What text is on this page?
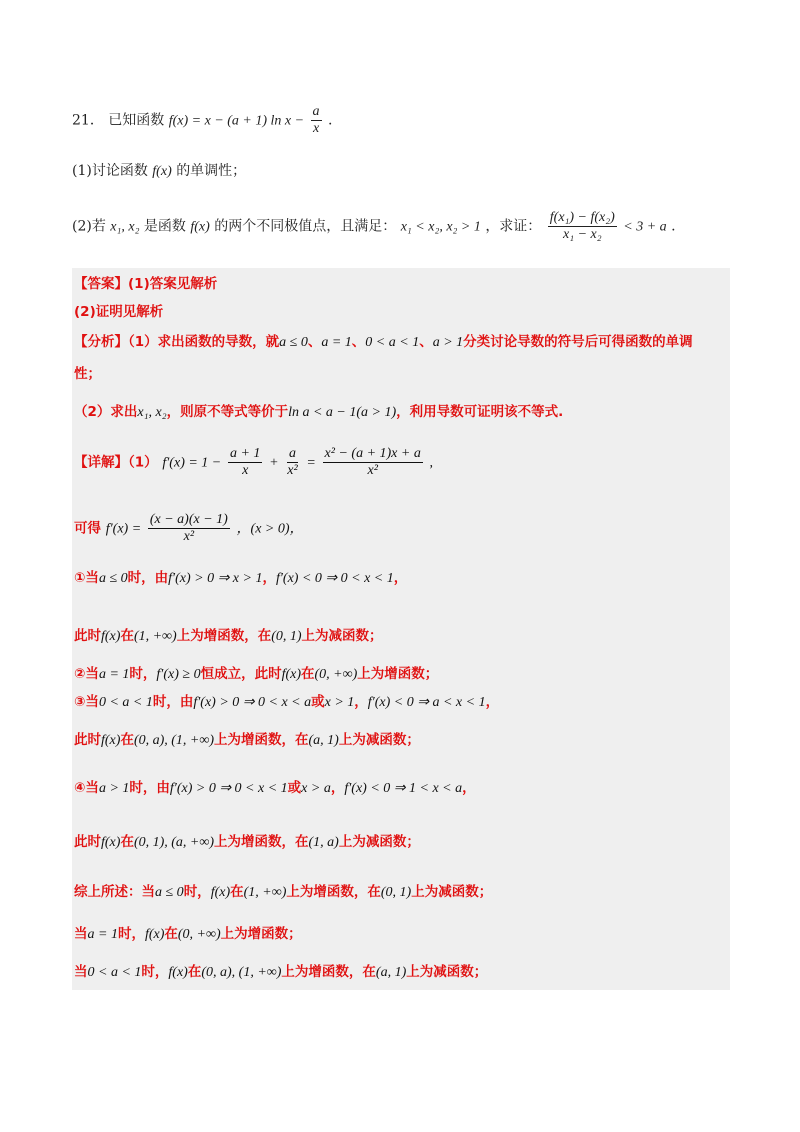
21． 已知函数 f(x) = x − (a + 1) $\ln x - \frac{a}{x}$ .
(1)讨论函数 f(x) 的单调性；
(2)若 x₁, x₂ 是函数 f(x) 的两个不同极值点，且满足： x₁ < x₂, x₂ > 1 ，求证： $\frac{\text{f(x₁) − f(x₂)}}{\text{x₁ − x₂}} < 3 + a$ .
【答案】(1)答案见解析
(2)证明见解析
【分析】（1）求出函数的导数，就a ≤ 0、a = 1、0 < a < 1、a > 1分类讨论导数的符号后可得函数的单调
性；
（2）求出x₁, x₂，则原不等式等价于ln a < a − 1(a > 1)，利用导数可证明该不等式.
【详解】（1） $f'(x) = 1 - \frac{a + 1}{x} + \frac{a}{\text{x²}} = \frac{\text{x² − (a + 1)x + a}}{\text{x²}}$ ,
可得 $f'(x) = \frac{(x - a)(x - 1)}{\text{x²}}$ ，(x > 0)，
①当a ≤ 0时，由f′(x) > 0 ⇒ x > 1，f′(x) < 0 ⇒ 0 < x < 1，
此时f(x)在(1, +∞)上为增函数，在(0, 1)上为减函数；
②当a = 1时，f′(x) ≥ 0恒成立，此时f(x)在(0, +∞)上为增函数；
③当0 < a < 1时，由f′(x) > 0 ⇒ 0 < x < a或x > 1，f′(x) < 0 ⇒ a < x < 1，
此时f(x)在(0, a), (1, +∞)上为增函数，在(a, 1)上为减函数；
④当a > 1时，由f′(x) > 0 ⇒ 0 < x < 1或x > a，f′(x) < 0 ⇒ 1 < x < a，
此时f(x)在(0, 1), (a, +∞)上为增函数，在(1, a)上为减函数；
综上所述：当a ≤ 0时，f(x)在(1, +∞)上为增函数，在(0, 1)上为减函数；
当a = 1时，f(x)在(0, +∞)上为增函数；
当0 < a < 1时，f(x)在(0, a), (1, +∞)上为增函数，在(a, 1)上为减函数；
